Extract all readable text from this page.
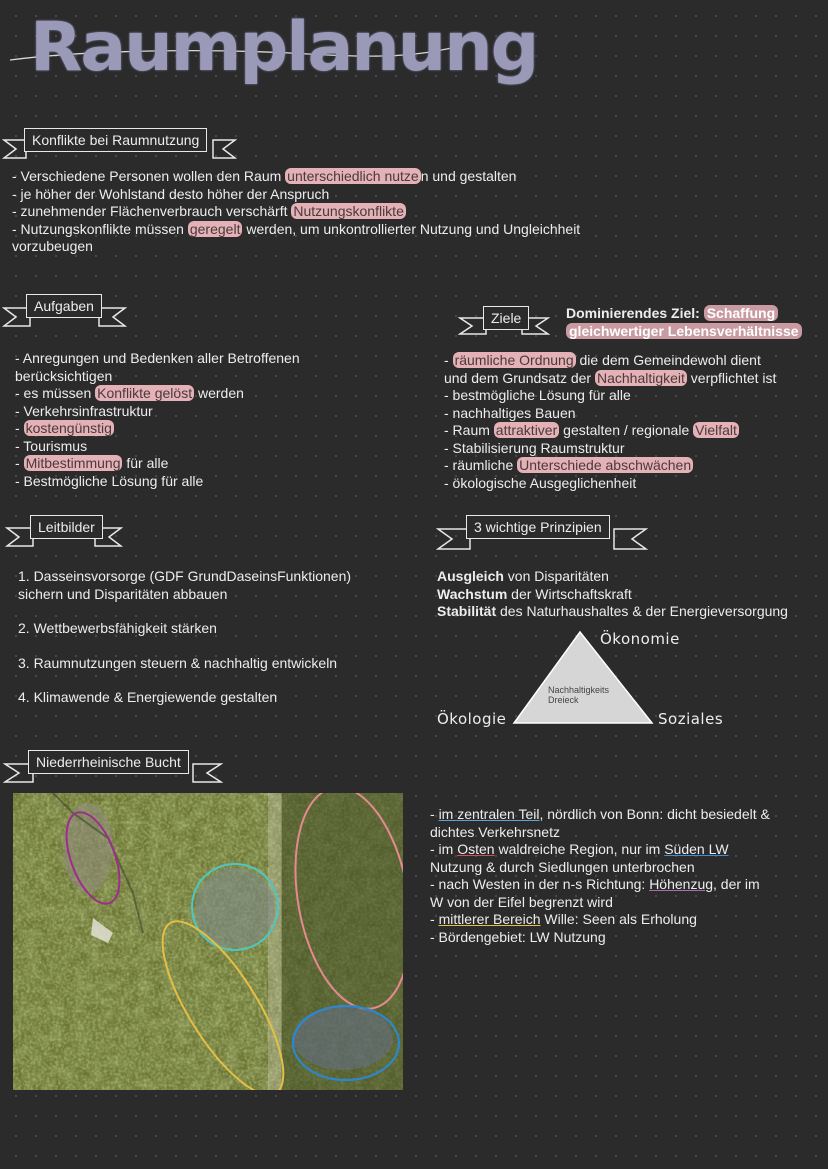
Raumplanung
Konflikte bei Raumnutzung
- Verschiedene Personen wollen den Raum unterschiedlich nutze n und gestalten
- je höher der Wohlstand desto höher der Anspruch
- zunehmender Flächenverbrauch verschärft Nutzungskonflikte
- Nutzungskonflikte müssen geregelt werden, um unkontrollierter Nutzung und Ungleichheit
vorzubeugen
Aufgaben
- Anregungen und Bedenken aller Betroffenen
berücksichtigen
- es müssen Konflikte gelöst werden
- Verkehrsinfrastruktur
- kostengünstig
- Tourismus
- Mitbestimmung für alle
- Bestmögliche Lösung für alle
Ziele	Dominierendes Ziel: Schaffung
gleichwertiger Lebensverhältnisse
- räumliche Ordnung die dem Gemeindewohl dient
und dem Grundsatz der Nachhaltigkeit verpflichtet ist
- bestmögliche Lösung für alle
- nachhaltiges Bauen
- Raum attraktiver gestalten / regionale Vielfalt
- Stabilisierung Raumstruktur
- räumliche Unterschiede abschwächen
- ökologische Ausgeglichenheit
Leitbilder
1. Dasseinsvorsorge (GDF GrundDaseinsFunktionen)
sichern und Disparitäten abbauen
2. Wettbewerbsfähigkeit stärken
3. Raumnutzungen steuern & nachhaltig entwickeln
4. Klimawende & Energiewende gestalten
3 wichtige Prinzipien
Ausgleich von Disparitäten
Wachstum der Wirtschaftskraft
Stabilität des Naturhaushaltes & der Energieversorgung
Nachhaltigkeits
Dreieck
Ökonomie
Ökologie	Soziales
Niederrheinische Bucht
- im zentralen Teil, nördlich von Bonn: dicht besiedelt &
dichtes Verkehrsnetz
- im Osten waldreiche Region, nur im Süden LW
Nutzung & durch Siedlungen unterbrochen
- nach Westen in der n-s Richtung: Höhenzug, der im
W von der Eifel begrenzt wird
- mittlerer Bereich Wille: Seen als Erholung
- Bördengebiet: LW Nutzung
